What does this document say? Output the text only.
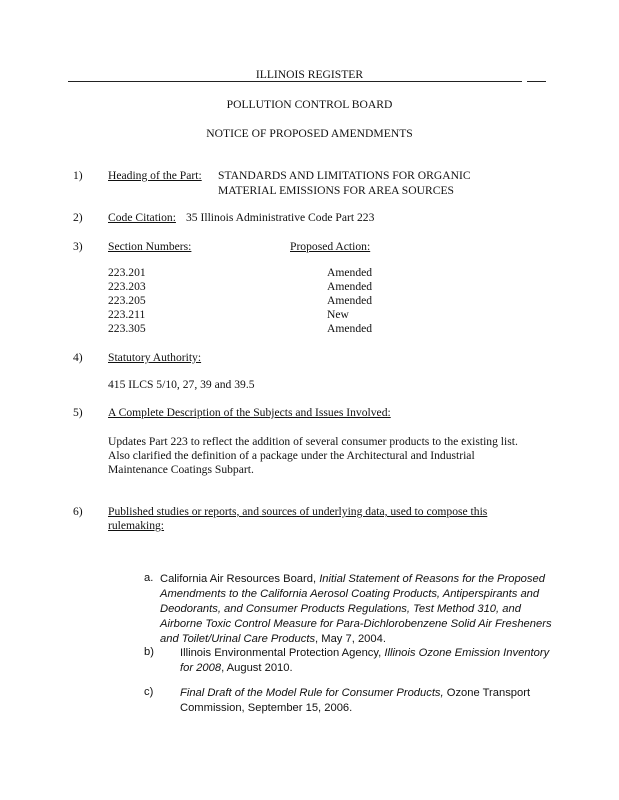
ILLINOIS REGISTER
POLLUTION CONTROL BOARD
NOTICE OF PROPOSED AMENDMENTS
1) Heading of the Part: STANDARDS AND LIMITATIONS FOR ORGANIC
MATERIAL EMISSIONS FOR AREA SOURCES
2) Code Citation: 35 Illinois Administrative Code Part 223
3) Section Numbers:	Proposed Action:
223.201	Amended
223.203	Amended
223.205	Amended
223.211	New
223.305	Amended
4) Statutory Authority:
415 ILCS 5/10, 27, 39 and 39.5
5) A Complete Description of the Subjects and Issues Involved:
Updates Part 223 to reflect the addition of several consumer products to the existing list.
Also clarified the definition of a package under the Architectural and Industrial
Maintenance Coatings Subpart.
6) Published studies or reports, and sources of underlying data, used to compose this
rulemaking:
a. California Air Resources Board, Initial Statement of Reasons for the Proposed Amendments to the California Aerosol Coating Products, Antiperspirants and Deodorants, and Consumer Products Regulations, Test Method 310, and Airborne Toxic Control Measure for Para-Dichlorobenzene Solid Air Fresheners and Toilet/Urinal Care Products, May 7, 2004.
b) Illinois Environmental Protection Agency, Illinois Ozone Emission Inventory for 2008, August 2010.
c) Final Draft of the Model Rule for Consumer Products, Ozone Transport Commission, September 15, 2006.
